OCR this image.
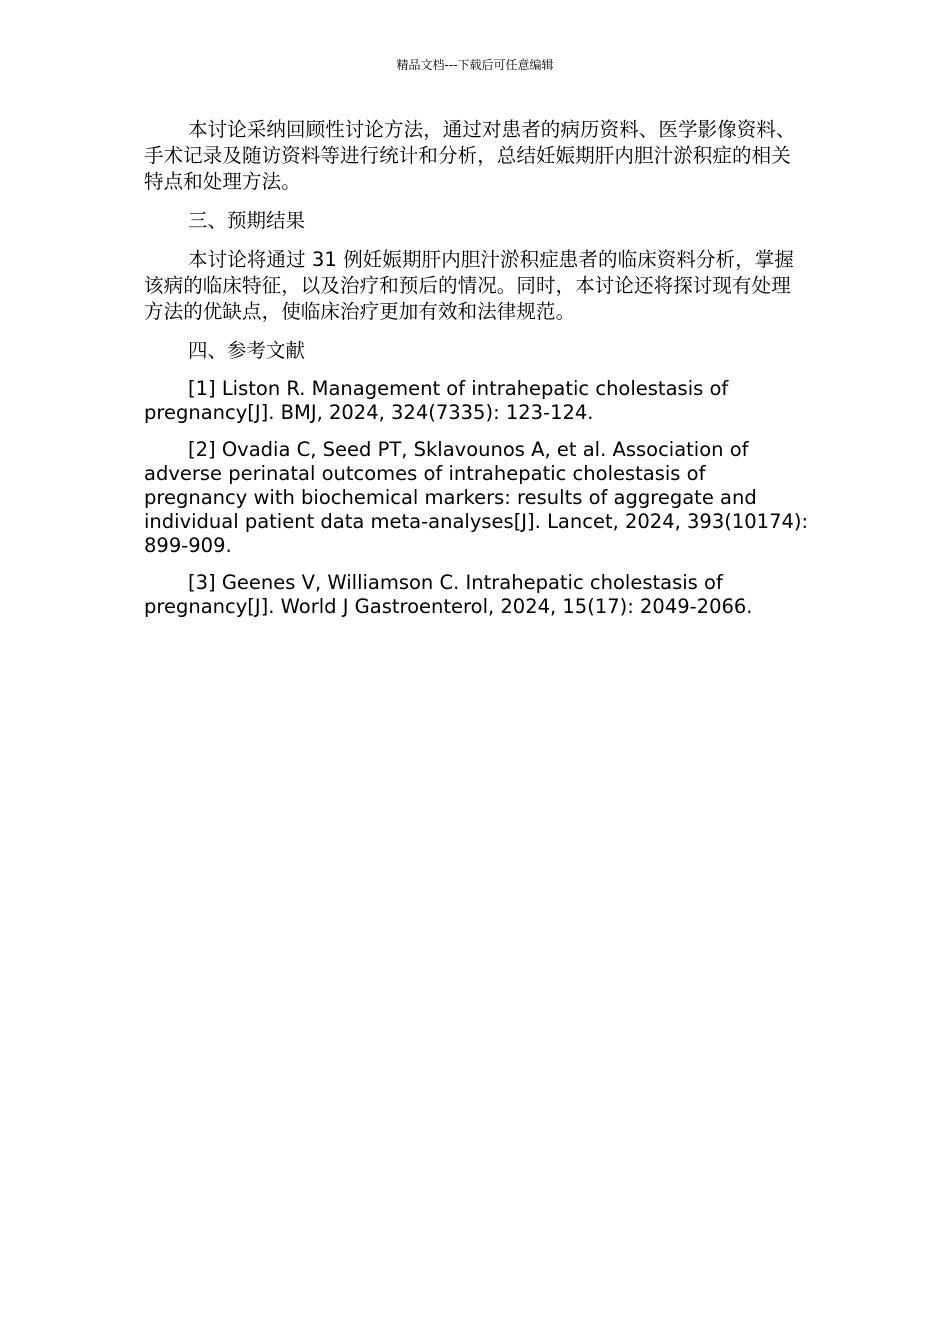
精品文档---下载后可任意编辑

本讨论采纳回顾性讨论方法，通过对患者的病历资料、医学影像资料、手术记录及随访资料等进行统计和分析，总结妊娠期肝内胆汁淤积症的相关特点和处理方法。

三、预期结果

本讨论将通过 31 例妊娠期肝内胆汁淤积症患者的临床资料分析，掌握该病的临床特征，以及治疗和预后的情况。同时，本讨论还将探讨现有处理方法的优缺点，使临床治疗更加有效和法律规范。

四、参考文献

[1] Liston R. Management of intrahepatic cholestasis of pregnancy[J]. BMJ, 2024, 324(7335): 123-124.

[2] Ovadia C, Seed PT, Sklavounos A, et al. Association of adverse perinatal outcomes of intrahepatic cholestasis of pregnancy with biochemical markers: results of aggregate and individual patient data meta-analyses[J]. Lancet, 2024, 393(10174): 899-909.

[3] Geenes V, Williamson C. Intrahepatic cholestasis of pregnancy[J]. World J Gastroenterol, 2024, 15(17): 2049-2066.
